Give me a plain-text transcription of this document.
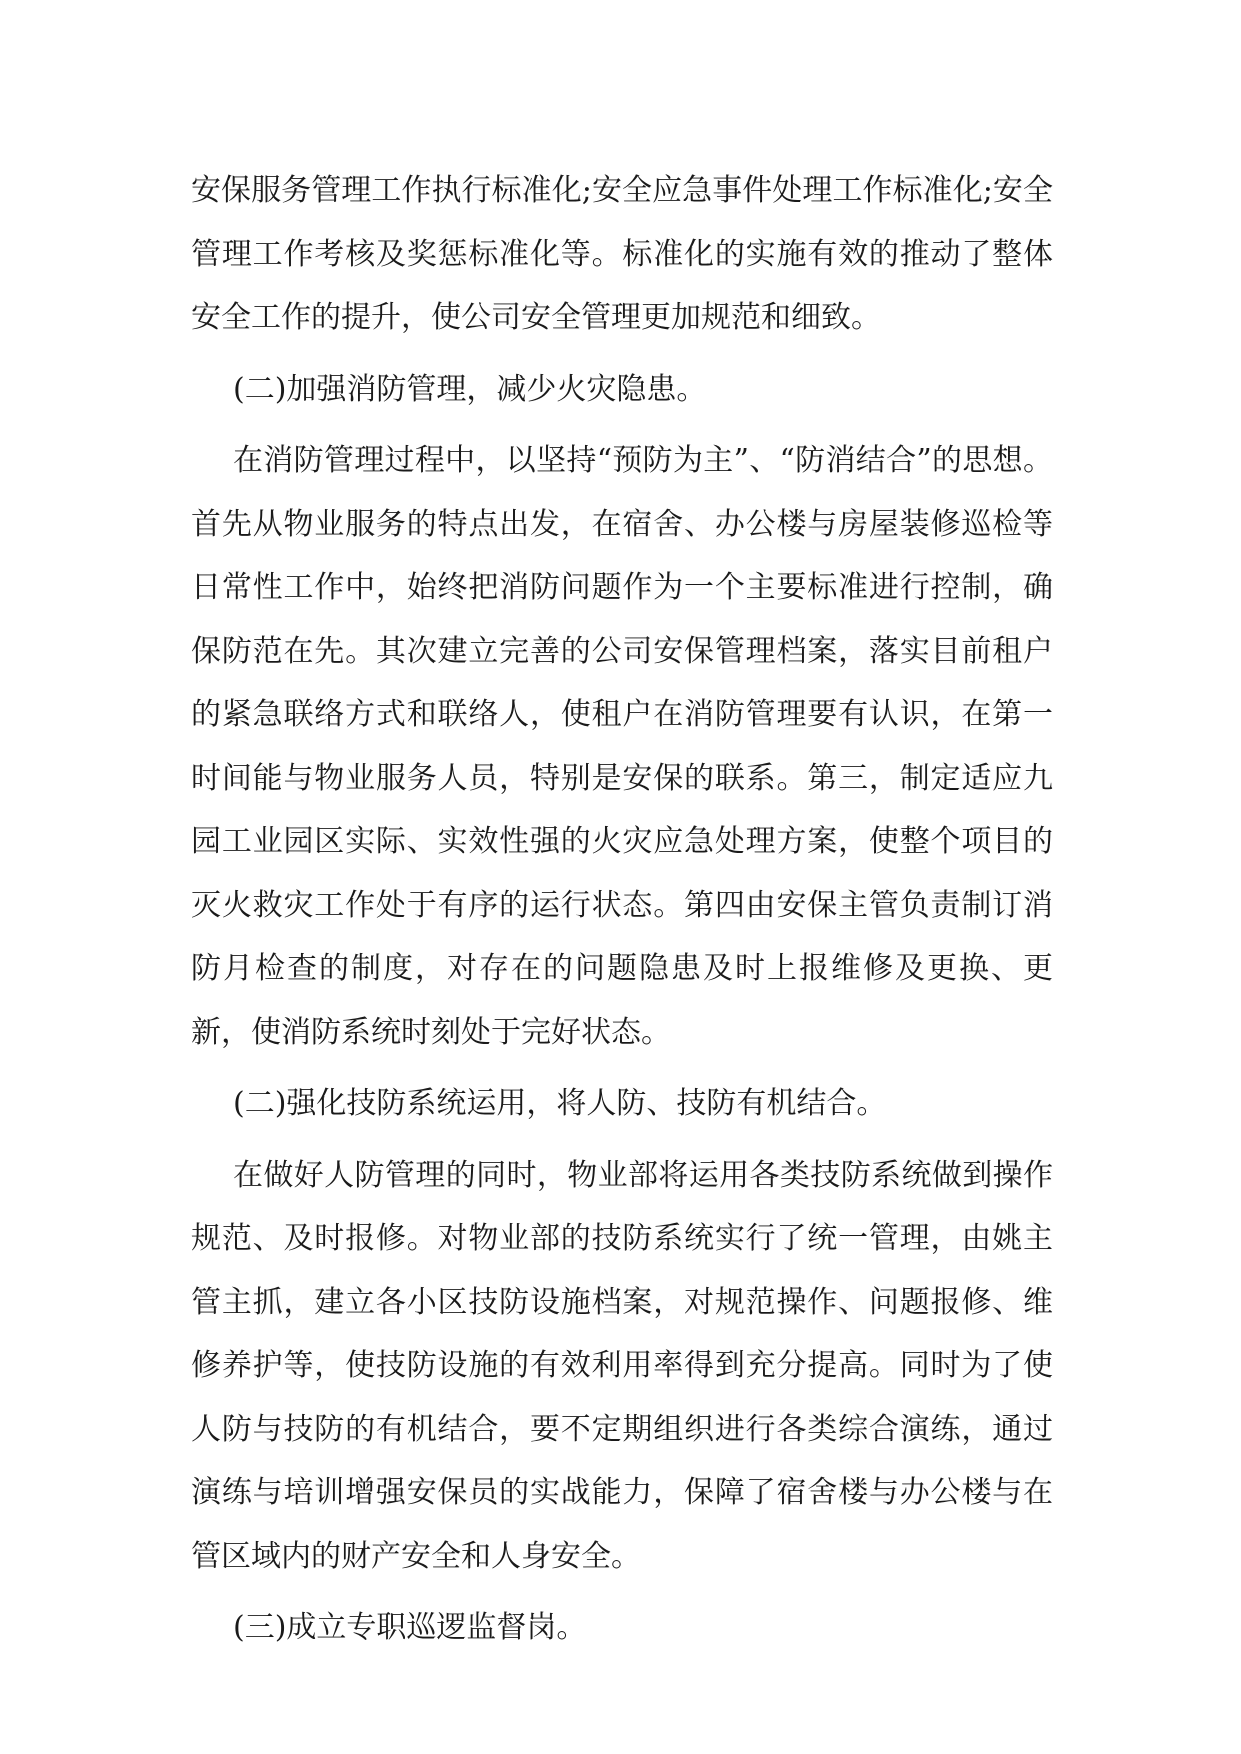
安保服务管理工作执行标准化;安全应急事件处理工作标准化;安全管理工作考核及奖惩标准化等。标准化的实施有效的推动了整体安全工作的提升，使公司安全管理更加规范和细致。

(二)加强消防管理，减少火灾隐患。

在消防管理过程中，以坚持“预防为主”、“防消结合”的思想。首先从物业服务的特点出发，在宿舍、办公楼与房屋装修巡检等日常性工作中，始终把消防问题作为一个主要标准进行控制，确保防范在先。其次建立完善的公司安保管理档案，落实目前租户的紧急联络方式和联络人，使租户在消防管理要有认识，在第一时间能与物业服务人员，特别是安保的联系。第三，制定适应九园工业园区实际、实效性强的火灾应急处理方案，使整个项目的灭火救灾工作处于有序的运行状态。第四由安保主管负责制订消防月检查的制度，对存在的问题隐患及时上报维修及更换、更新，使消防系统时刻处于完好状态。

(二)强化技防系统运用，将人防、技防有机结合。

在做好人防管理的同时，物业部将运用各类技防系统做到操作规范、及时报修。对物业部的技防系统实行了统一管理，由姚主管主抓，建立各小区技防设施档案，对规范操作、问题报修、维修养护等，使技防设施的有效利用率得到充分提高。同时为了使人防与技防的有机结合，要不定期组织进行各类综合演练，通过演练与培训增强安保员的实战能力，保障了宿舍楼与办公楼与在管区域内的财产安全和人身安全。

(三)成立专职巡逻监督岗。
